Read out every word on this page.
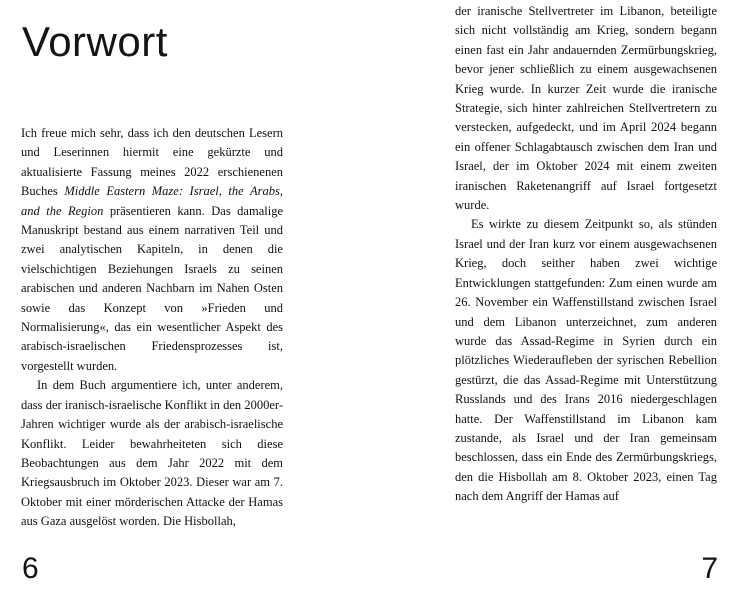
Vorwort

Ich freue mich sehr, dass ich den deutschen Lesern und Leserinnen hiermit eine gekürzte und aktualisierte Fassung meines 2022 erschienenen Buches Middle Eastern Maze: Israel, the Arabs, and the Region präsentieren kann. Das damalige Manuskript bestand aus einem narrativen Teil und zwei analytischen Kapiteln, in denen die vielschichtigen Beziehungen Israels zu seinen arabischen und anderen Nachbarn im Nahen Osten sowie das Konzept von »Frieden und Normalisierung«, das ein wesentlicher Aspekt des arabisch-israelischen Friedensprozesses ist, vorgestellt wurden.

In dem Buch argumentiere ich, unter anderem, dass der iranisch-israelische Konflikt in den 2000er-Jahren wichtiger wurde als der arabisch-israelische Konflikt. Leider bewahrheiteten sich diese Beobachtungen aus dem Jahr 2022 mit dem Kriegsausbruch im Oktober 2023. Dieser war am 7. Oktober mit einer mörderischen Attacke der Hamas aus Gaza ausgelöst worden. Die Hisbollah,

6

der iranische Stellvertreter im Libanon, beteiligte sich nicht vollständig am Krieg, sondern begann einen fast ein Jahr andauernden Zermürbungskrieg, bevor jener schließlich zu einem ausgewachsenen Krieg wurde. In kurzer Zeit wurde die iranische Strategie, sich hinter zahlreichen Stellvertretern zu verstecken, aufgedeckt, und im April 2024 begann ein offener Schlagabtausch zwischen dem Iran und Israel, der im Oktober 2024 mit einem zweiten iranischen Raketenangriff auf Israel fortgesetzt wurde.

Es wirkte zu diesem Zeitpunkt so, als stünden Israel und der Iran kurz vor einem ausgewachsenen Krieg, doch seither haben zwei wichtige Entwicklungen stattgefunden: Zum einen wurde am 26. November ein Waffenstillstand zwischen Israel und dem Libanon unterzeichnet, zum anderen wurde das Assad-Regime in Syrien durch ein plötzliches Wiederaufleben der syrischen Rebellion gestürzt, die das Assad-Regime mit Unterstützung Russlands und des Irans 2016 niedergeschlagen hatte. Der Waffenstillstand im Libanon kam zustande, als Israel und der Iran gemeinsam beschlossen, dass ein Ende des Zermürbungskriegs, den die Hisbollah am 8. Oktober 2023, einen Tag nach dem Angriff der Hamas auf

7
